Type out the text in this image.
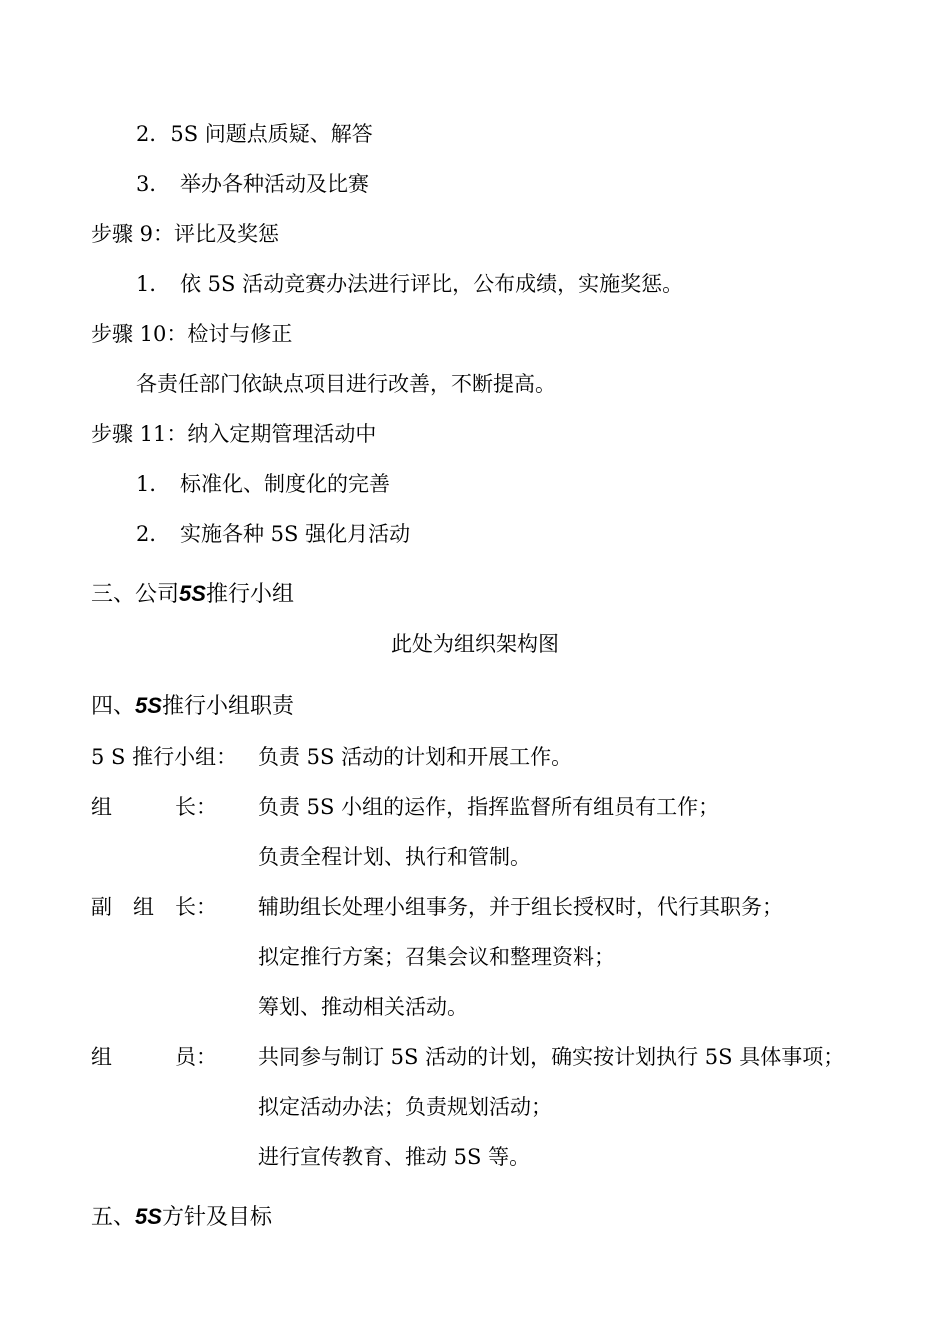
2．5S 问题点质疑、解答
3． 举办各种活动及比赛
步骤 9：评比及奖惩
1． 依 5S 活动竞赛办法进行评比，公布成绩，实施奖惩。
步骤 10：检讨与修正
各责任部门依缺点项目进行改善，不断提高。
步骤 11：纳入定期管理活动中
1． 标准化、制度化的完善
2． 实施各种 5S 强化月活动
三、公司5S推行小组
此处为组织架构图
四、5S推行小组职责
5 S 推行小组： 负责 5S 活动的计划和开展工作。
组　　　长： 负责 5S 小组的运作，指挥监督所有组员有工作；
负责全程计划、执行和管制。
副　组　长： 辅助组长处理小组事务，并于组长授权时，代行其职务；
拟定推行方案；召集会议和整理资料；
筹划、推动相关活动。
组　　　员： 共同参与制订 5S 活动的计划，确实按计划执行 5S 具体事项；
拟定活动办法；负责规划活动；
进行宣传教育、推动 5S 等。
五、5S方针及目标
